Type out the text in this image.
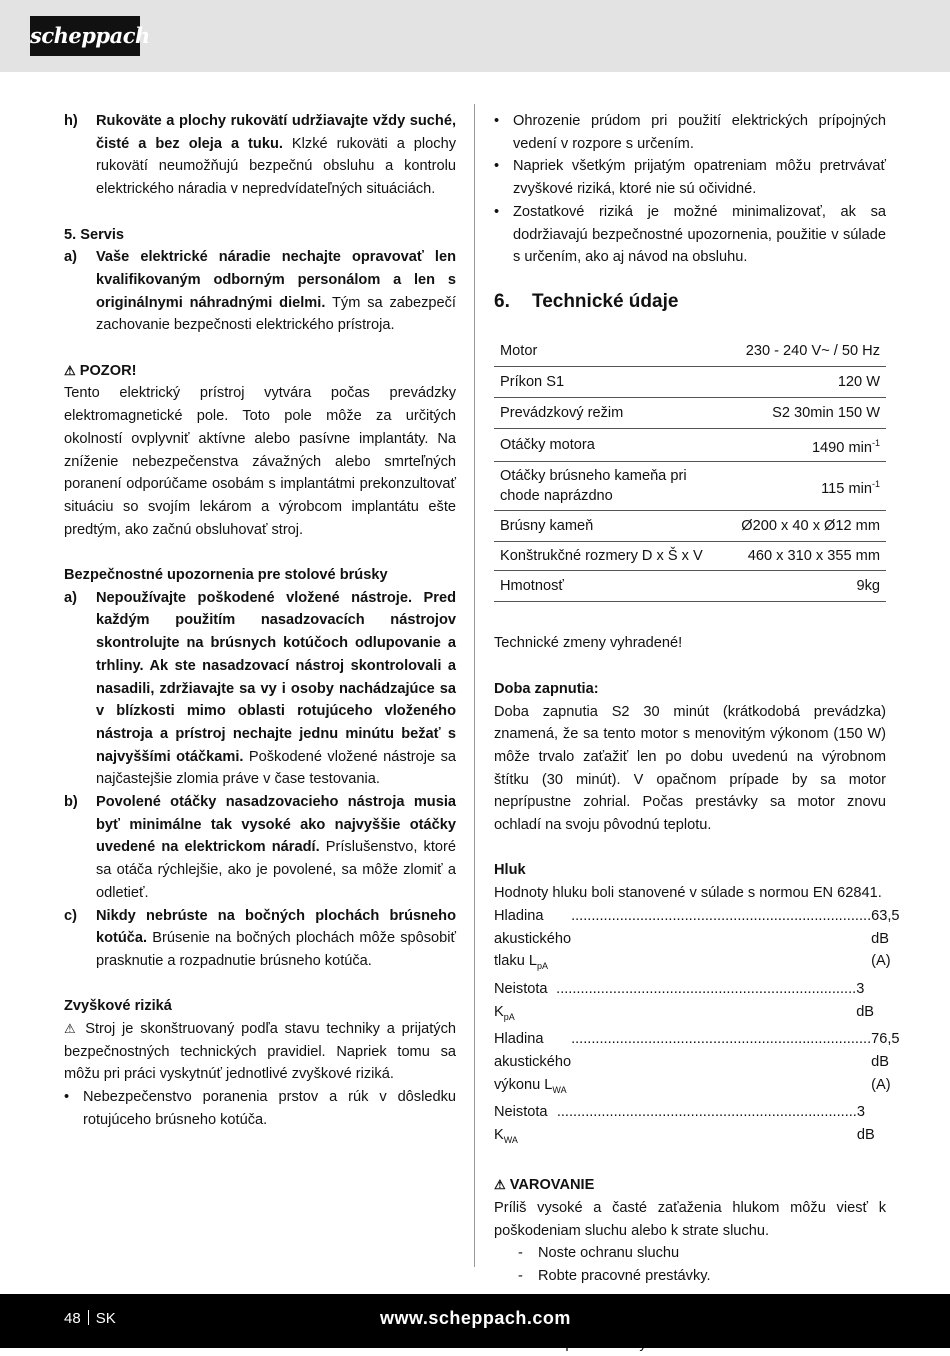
scheppach
h)	Rukoväte a plochy rukovätí udržiavajte vždy suché, čisté a bez oleja a tuku. Klzké rukoväti a plochy rukovätí neumožňujú bezpečnú obsluhu a kontrolu elektrického náradia v nepredvídateľných situáciách.
5. Servis
a)	Vaše elektrické náradie nechajte opravovať len kvalifikovaným odborným personálom a len s originálnymi náhradnými dielmi. Tým sa zabezpečí zachovanie bezpečnosti elektrického prístroja.
⚠ POZOR!
Tento elektrický prístroj vytvára počas prevádzky elektromagnetické pole. Toto pole môže za určitých okolností ovplyvniť aktívne alebo pasívne implantáty. Na zníženie nebezpečenstva závažných alebo smrteľných poranení odporúčame osobám s implantátmi prekonzultovať situáciu so svojím lekárom a výrobcom implantátu ešte predtým, ako začnú obsluhovať stroj.
Bezpečnostné upozornenia pre stolové brúsky
a)	Nepoužívajte poškodené vložené nástroje. Pred každým použitím nasadzovacích nástrojov skontrolujte na brúsnych kotúčoch odlupovanie a trhliny. Ak ste nasadzovací nástroj skontrolovali a nasadili, zdržiavajte sa vy i osoby nachádzajúce sa v blízkosti mimo oblasti rotujúceho vloženého nástroja a prístroj nechajte jednu minútu bežať s najvyššími otáčkami. Poškodené vložené nástroje sa najčastejšie zlomia práve v čase testovania.
b)	Povolené otáčky nasadzovacieho nástroja musia byť minimálne tak vysoké ako najvyššie otáčky uvedené na elektrickom náradí. Príslušenstvo, ktoré sa otáča rýchlejšie, ako je povolené, sa môže zlomiť a odletieť.
c)	Nikdy nebrúste na bočných plochách brúsneho kotúča. Brúsenie na bočných plochách môže spôsobiť prasknutie a rozpadnutie brúsneho kotúča.
Zvyškové riziká
⚠ Stroj je skonštruovaný podľa stavu techniky a prijatých bezpečnostných technických pravidiel. Napriek tomu sa môžu pri práci vyskytnúť jednotlivé zvyškové riziká.
• Nebezpečenstvo poranenia prstov a rúk v dôsledku rotujúceho brúsneho kotúča.
• Ohrozenie prúdom pri použití elektrických prípojných vedení v rozpore s určením.
• Napriek všetkým prijatým opatreniam môžu pretrvávať zvyškové riziká, ktoré nie sú očividné.
• Zostatkové riziká je možné minimalizovať, ak sa dodržiavajú bezpečnostné upozornenia, použitie v súlade s určením, ako aj návod na obsluhu.
6.	Technické údaje
Motor	230 - 240 V~ / 50 Hz
Príkon S1	120 W
Prevádzkový režim	S2 30min 150 W
Otáčky motora	1490 $\min^{-1}$
Otáčky brúsneho kameňa pri chode naprázdno	115 $\min^{-1}$
Brúsny kameň	Ø200 x 40 x Ø12 mm
Konštrukčné rozmery D x Š x V	460 x 310 x 355 mm
Hmotnosť	9kg
Technické zmeny vyhradené!
Doba zapnutia:
Doba zapnutia S2 30 minút (krátkodobá prevádzka) znamená, že sa tento motor s menovitým výkonom (150 W) môže trvalo zaťažiť len po dobu uvedenú na výrobnom štítku (30 minút). V opačnom prípade by sa motor neprípustne zohrial. Počas prestávky sa motor znovu ochladí na svoju pôvodnú teplotu.
Hluk
Hodnoty hluku boli stanovené v súlade s normou EN 62841.
Hladina akustického tlaku $L_{pA}$
.......................................................................... 63,5 dB (A)
Neistota $K_{pA}$
.......................................................................... 3 dB
Hladina akustického výkonu $L_{WA}$
.......................................................................... 76,5 dB (A)
Neistota $K_{WA}$
.......................................................................... 3 dB
⚠ VAROVANIE
Príliš vysoké a časté zaťaženia hlukom môžu viesť k poškodeniam sluchu alebo k strate sluchu.
-	Noste ochranu sluchu
-	Robte pracovné prestávky.
48 SK	www.scheppach.com
